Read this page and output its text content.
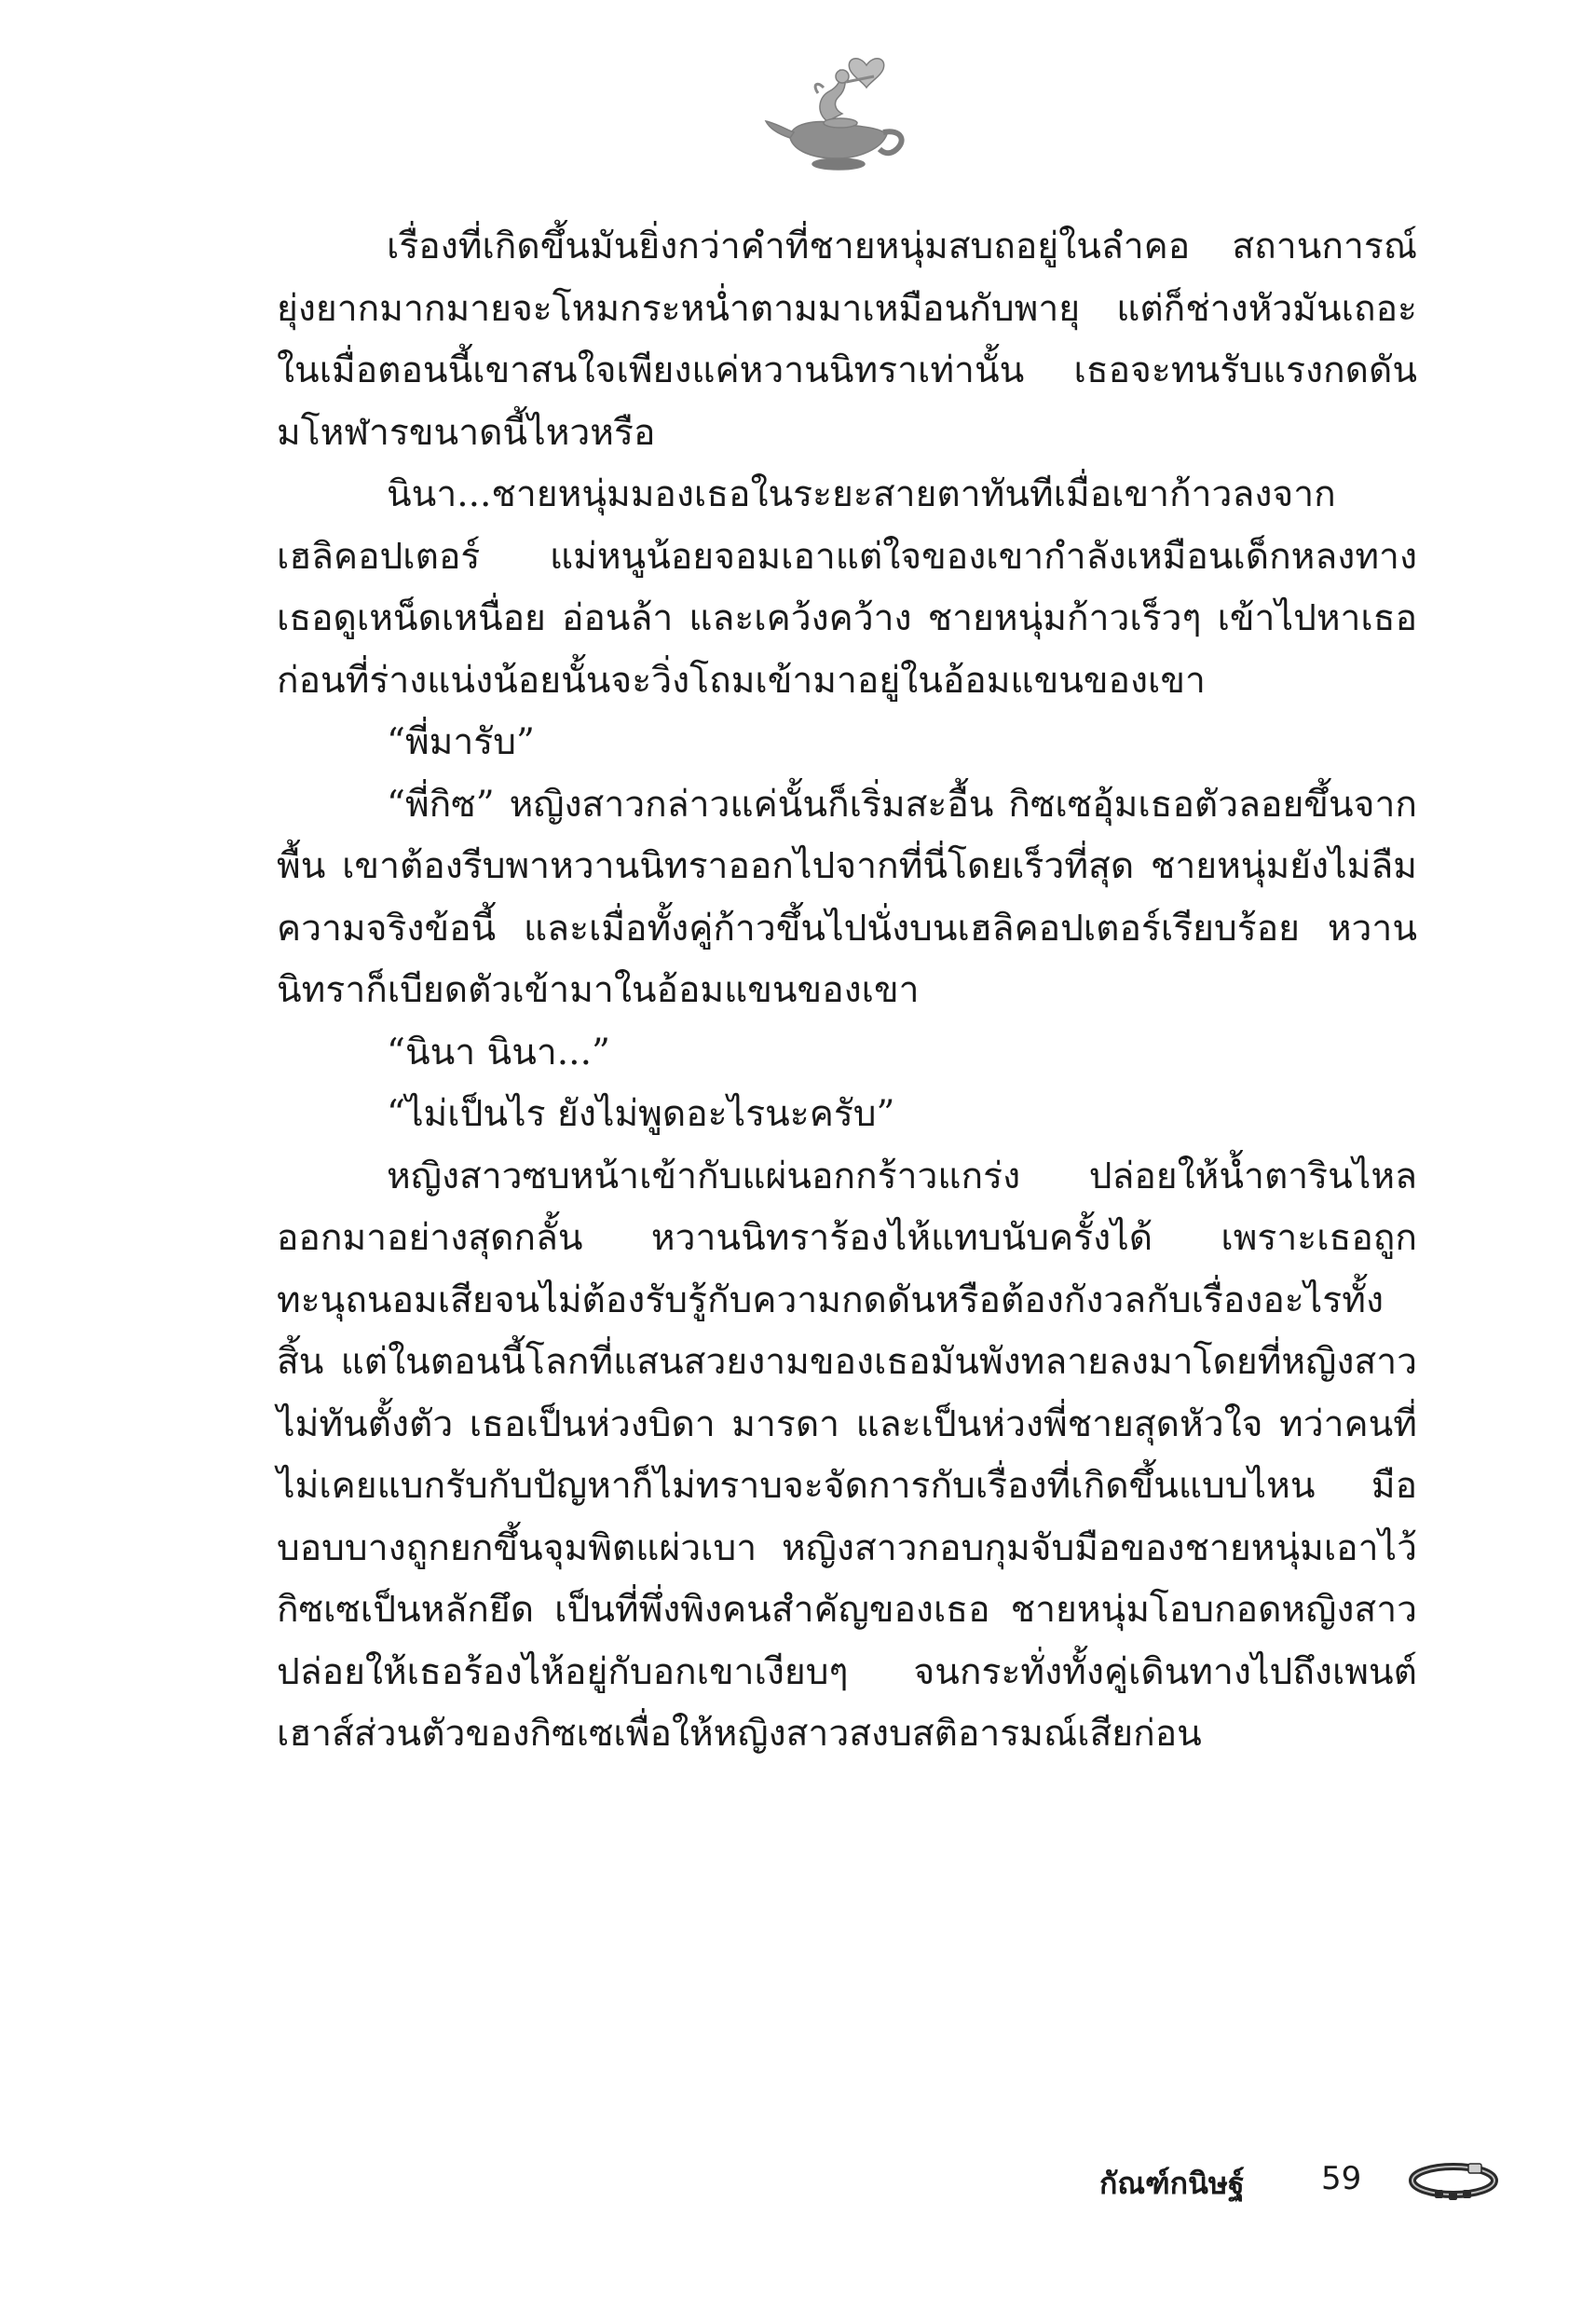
เรื่องที่เกิดขึ้นมันยิ่งกว่าคำที่ชายหนุ่มสบถอยู่ในลำคอ สถานการณ์ยุ่งยากมากมายจะโหมกระหน่ำตามมาเหมือนกับพายุ แต่ก็ช่างหัวมันเถอะ ในเมื่อตอนนี้เขาสนใจเพียงแค่หวานนิทราเท่านั้น เธอจะทนรับแรงกดดันมโหฬารขนาดนี้ไหวหรือ

นินา...ชายหนุ่มมองเธอในระยะสายตาทันทีเมื่อเขาก้าวลงจากเฮลิคอปเตอร์ แม่หนูน้อยจอมเอาแต่ใจของเขากำลังเหมือนเด็กหลงทาง เธอดูเหน็ดเหนื่อย อ่อนล้า และเคว้งคว้าง ชายหนุ่มก้าวเร็วๆ เข้าไปหาเธอ ก่อนที่ร่างแน่งน้อยนั้นจะวิ่งโถมเข้ามาอยู่ในอ้อมแขนของเขา

“พี่มารับ”

“พี่กิซ” หญิงสาวกล่าวแค่นั้นก็เริ่มสะอื้น กิซเซอุ้มเธอตัวลอยขึ้นจากพื้น เขาต้องรีบพาหวานนิทราออกไปจากที่นี่โดยเร็วที่สุด ชายหนุ่มยังไม่ลืมความจริงข้อนี้ และเมื่อทั้งคู่ก้าวขึ้นไปนั่งบนเฮลิคอปเตอร์เรียบร้อย หวานนิทราก็เบียดตัวเข้ามาในอ้อมแขนของเขา

“นินา นินา...”

“ไม่เป็นไร ยังไม่พูดอะไรนะครับ”

หญิงสาวซบหน้าเข้ากับแผ่นอกกร้าวแกร่ง ปล่อยให้น้ำตารินไหลออกมาอย่างสุดกลั้น หวานนิทราร้องไห้แทบนับครั้งได้ เพราะเธอถูกทะนุถนอมเสียจนไม่ต้องรับรู้กับความกดดันหรือต้องกังวลกับเรื่องอะไรทั้งสิ้น แต่ในตอนนี้โลกที่แสนสวยงามของเธอมันพังทลายลงมาโดยที่หญิงสาวไม่ทันตั้งตัว เธอเป็นห่วงบิดา มารดา และเป็นห่วงพี่ชายสุดหัวใจ ทว่าคนที่ไม่เคยแบกรับกับปัญหาก็ไม่ทราบจะจัดการกับเรื่องที่เกิดขึ้นแบบไหน มือบอบบางถูกยกขึ้นจุมพิตแผ่วเบา หญิงสาวกอบกุมจับมือของชายหนุ่มเอาไว้ กิซเซเป็นหลักยึด เป็นที่พึ่งพิงคนสำคัญของเธอ ชายหนุ่มโอบกอดหญิงสาว ปล่อยให้เธอร้องไห้อยู่กับอกเขาเงียบๆ จนกระทั่งทั้งคู่เดินทางไปถึงเพนต์เฮาส์ส่วนตัวของกิซเซเพื่อให้หญิงสาวสงบสติอารมณ์เสียก่อน

กัณฑ์กนิษฐ์ 59
